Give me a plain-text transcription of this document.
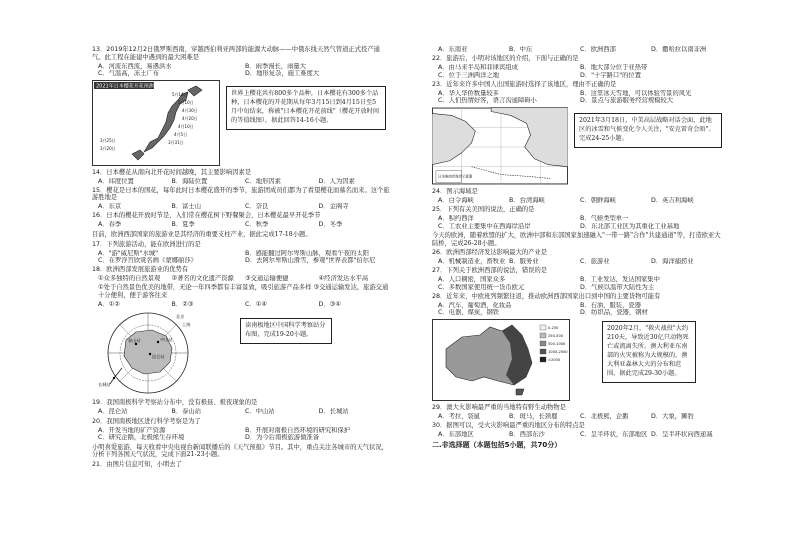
13．2019年12月2日俄罗斯西南，穿越西伯利亚两部的能源大动脉——中俄东线天然气管道正式投产通气。此工程在能建中遇到的最大困难是
A．河流东西流，易遇洪水	B．雨季漫长，雨量大
C．气温高，冻土广布	D．地形复杂，施工难度大
2021年日本樱花开花预测
5月14日
5月10日
4月30日
4月20日
4月10日
4月5日
3月31日
3月25日
3月20日
世界上樱花共有800多个品种，日本樱花有300多个品种，日本樱花的开花期从每年3月15日到4月15日至5月中旬结束，称被"日本樱花开花前线"（樱花开放时间的等值线图），据此回答14-16小题。
14．日本樱花从南向北开花时间越晚，其主要影响因素是
A．纬度位置	B．海陆位置	C．地形因素	D．人为因素
15．樱花是日本的国花，每年此时日本樱花盛开的季节，旅游团成员们都为了看望樱花而慕名而来。这个旅游胜地是
A．东京	B．富士山	C．奈良	D．金阁寺
16．日本的樱花开放时节是，入们常在樱花树下野餐聚会，日本樱花最早开花季节
A．春季	B．夏季	C．秋季	D．冬季
目前，欧洲西部国家的旅游业是其经济的重要支柱产业，据此完成17-18小题。
17．下列旅游活动，能在欧洲进行的是
A．"游"威尼斯"水城"	B．感能翻过阿尔卑斯山脉，观看午夜的太阳
C．在罗浮宫欣赏名画《蒙娜丽莎》	D．去阿尔卑斯山滑雪，参观"世界表都"伯尔尼
18．欧洲西部发展旅游业的优势有
①众多独特的自然景观	②著名的文化遗产资源	③交通运输便捷	④经济发达水平高
①处于自然景色优美的地带，无论一年四季都有丰富景致，吸引旅游产品多样 ③交通运输发达，旅游交通十分便利，便于游客往来
A．①②	B．②③	C．①④	D．③④
中山站
长城站
昆仑站
泰山站
北京
上海	读南极地区中国科学考察站分布图，完成19-20小题。
19．我国南极科学考察站分布中，没有极昼、极夜现象的是
A．昆仑站	B．泰山站	C．中山站	D．长城站
20．我国南极地区进行科学考察是为了
A．开发当地的矿产资源	B．开展对南极自然环境的研究和保护
C．研究企鹅，北极熊生存环境	D．为今后南极旅游做准备
小明喜爱旅游，每天收看中央电视台新闻联播后的《天气预报》节目。其中，重点关注各城市的天气状况，分析下列各国天气状况，完成下面21-23小题。
21．由图片信息可知，小明去了
A．东南亚	B．中东	C．欧洲西部	D．撒哈拉以南非洲
22．旅游后，小明对该地区的介绍，下面与正确的是
A．由马来半岛和菲律宾组成	B．地大部分位于亚热带
C．位于三洲两洋之地	D．"十字路口"的位置
23．近年来许多中国人出国旅游时选择了该地区，理由不正确的是
A．华人华侨数量较多	B．这里冰天雪地，可以体验雪景的风光
C．人们热情好客，语言沟通障碍小	D．景点与旅游服务经营规模较大
日本海南岸海岸示意图
2021年3月18日，中美高层战略对话会面，此地区的冰雪和气候变化令人关注，"安克雷奇会晤"。完成24-25小题。
24．图示海域是
A．白令海峡	B．台湾海峡	C．朝鲜海峡	D．英吉利海峡
25．下列有关美国的说法，正确的是
A．积约西洋	B．气候类型单一
C．工农业主要集中在西海岸沿岸	D．东北部工业区为其重化工业基地
今天的欧洲，随着欧盟的扩大，欧洲中部和东部国家加速融入"一带一路"合作"共建通道"等，打造欧亚大陆桥，完成26-28小题。
26．欧洲西部经济发达影响最大的产业是
A．机械制造业，畜牧业 B．服务业	C．旅游业	D．海洋捕捞业
27．下列关于欧洲西部的说法，错误的是
A．人口稠密，国家众多	B．工业发达，发达国家集中
C．多数国家使用统一货币欧元	D．气候以温带大陆性为主
28．近年来，中欧班列频繁往返，推动欧洲西部国家出口到中国的主要货物可能有
A．汽车，葡萄酒，化妆品	B．石油，服装，瓷器
C．电器，煤炭，钢铁	D．纺织品，瓷器，钢材
0-250
250-500
500-1000
1000-2000
>2000
2020年2月，"救火战役"大约210天，导致近30亿只动物死亡或流离失所。澳大利亚东南部的火灾被称为大规模的，澳大利亚森林大火的分布和范围，据此完成29-30小题。
29．澳大火影响最严重的当地特有野生动物物是
A．考拉、袋鼠	B．斑马，长颈鹿	C．北极熊，企鹅	D．大象，狮豹
30．据图可以，受火灾影响最严重的地区分布的特点是
A．东部地区	B．西部东沙	C．呈半环状，东部地区 D．呈半环状向西递减
二.非选择题（本题包括5小题，共70分）
